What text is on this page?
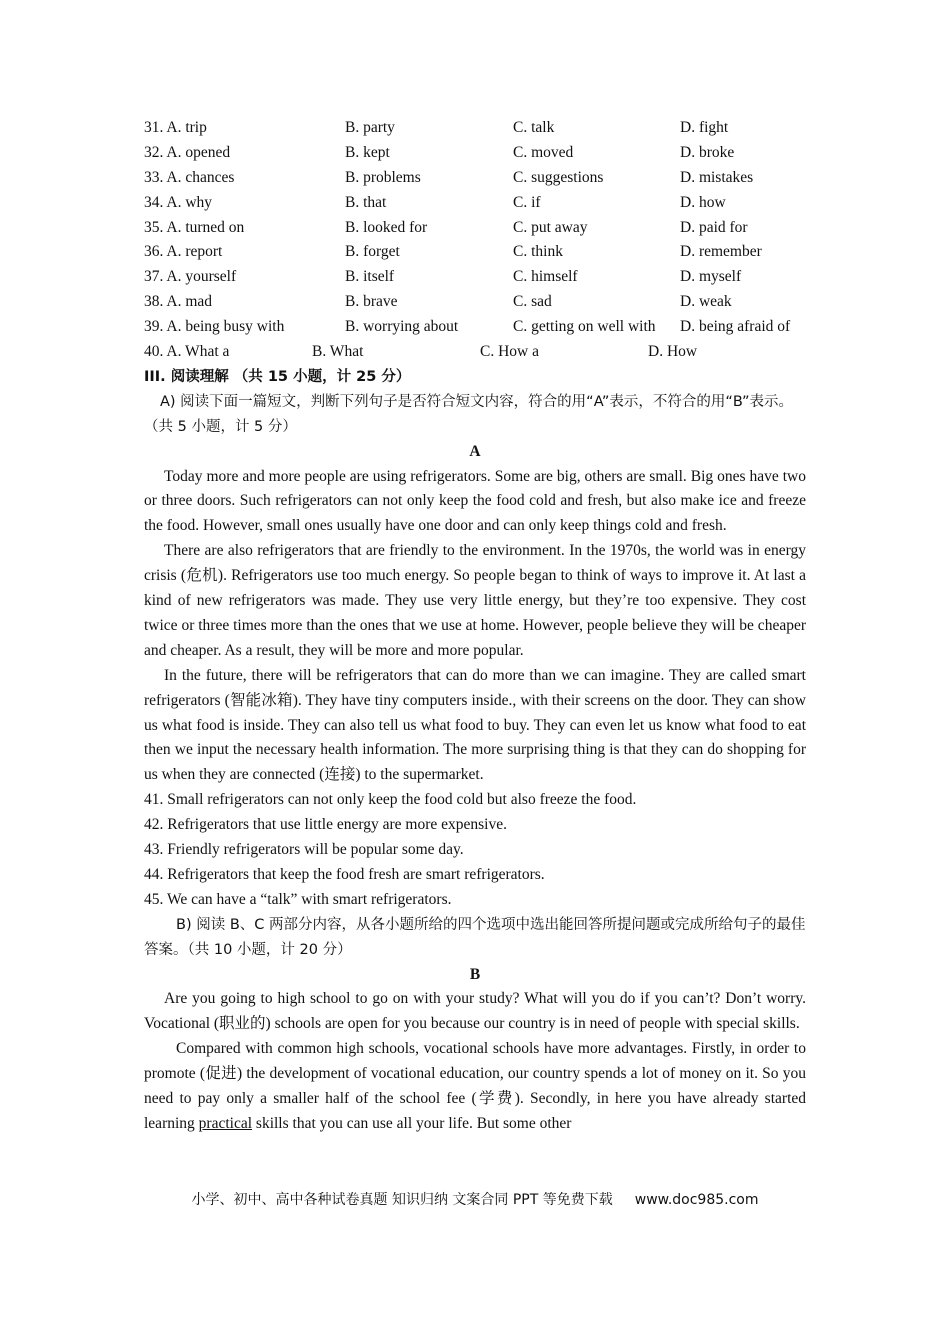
31. A. trip	B. party	C. talk	D. fight
32. A. opened	B. kept	C. moved	D. broke
33. A. chances	B. problems	C. suggestions	D. mistakes
34. A. why	B. that	C. if	D. how
35. A. turned on	B. looked for	C. put away	D. paid for
36. A. report	B. forget	C. think	D. remember
37. A. yourself	B. itself	C. himself	D. myself
38. A. mad	B. brave	C. sad	D. weak
39. A. being busy with	B. worrying about	C. getting on well with	D. being afraid of
40. A. What a	B. What	C. How a	D. How
III. 阅读理解 （共 15 小题，计 25 分）

A) 阅读下面一篇短文，判断下列句子是否符合短文内容，符合的用“A”表示，不符合的用“B”表示。（共 5 小题，计 5 分）

A

Today more and more people are using refrigerators. Some are big, others are small. Big ones have two or three doors. Such refrigerators can not only keep the food cold and fresh, but also make ice and freeze the food. However, small ones usually have one door and can only keep things cold and fresh.

There are also refrigerators that are friendly to the environment. In the 1970s, the world was in energy crisis (危机). Refrigerators use too much energy. So people began to think of ways to improve it. At last a kind of new refrigerators was made. They use very little energy, but they’re too expensive. They cost twice or three times more than the ones that we use at home. However, people believe they will be cheaper and cheaper. As a result, they will be more and more popular.

In the future, there will be refrigerators that can do more than we can imagine. They are called smart refrigerators (智能冰箱). They have tiny computers inside., with their screens on the door. They can show us what food is inside. They can also tell us what food to buy. They can even let us know what food to eat then we input the necessary health information. The more surprising thing is that they can do shopping for us when they are connected (连接) to the supermarket.

41. Small refrigerators can not only keep the food cold but also freeze the food.
42. Refrigerators that use little energy are more expensive.
43. Friendly refrigerators will be popular some day.
44. Refrigerators that keep the food fresh are smart refrigerators.
45. We can have a “talk” with smart refrigerators.

B) 阅读 B、C 两部分内容，从各小题所给的四个选项中选出能回答所提问题或完成所给句子的最佳答案。（共 10 小题，计 20 分）

B

Are you going to high school to go on with your study? What will you do if you can’t? Don’t worry. Vocational (职业的) schools are open for you because our country is in need of people with special skills.

Compared with common high schools, vocational schools have more advantages. Firstly, in order to promote (促进) the development of vocational education, our country spends a lot of money on it. So you need to pay only a smaller half of the school fee (学费). Secondly, in here you have already started learning practical skills that you can use all your life. But some other

小学、初中、高中各种试卷真题 知识归纳 文案合同 PPT 等免费下载 www.doc985.com
